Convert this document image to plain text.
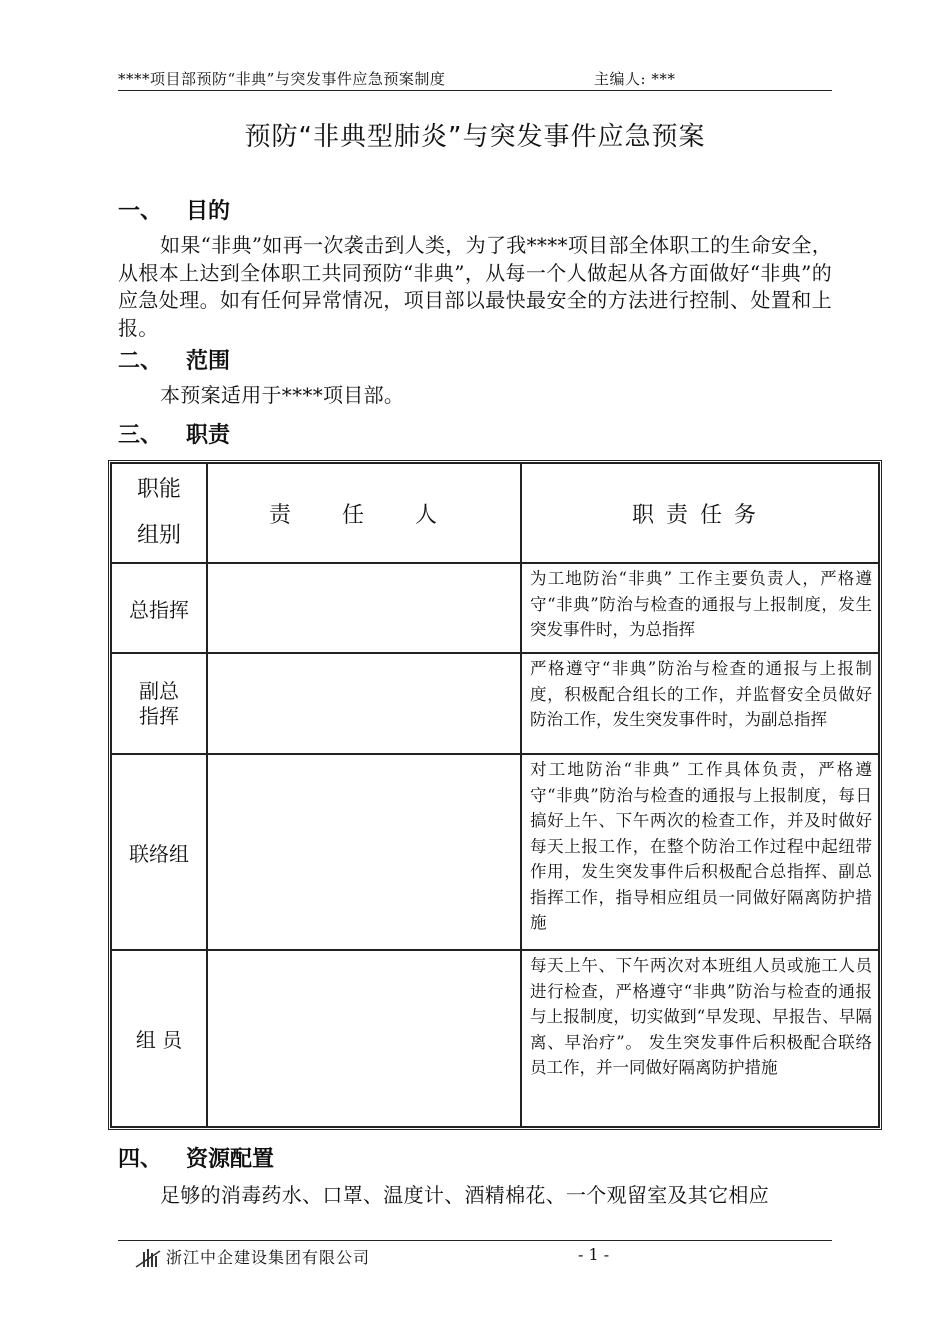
****项目部预防“非典”与突发事件应急预案制度	主编人: ***
预防“非典型肺炎”与突发事件应急预案
一、 目的
如果“非典”如再一次袭击到人类，为了我****项目部全体职工的生命安全，从根本上达到全体职工共同预防“非典”，从每一个人做起从各方面做好“非典”的应急处理。如有任何异常情况，项目部以最快最安全的方法进行控制、处置和上报。
二、 范围
本预案适用于****项目部。
三、 职责
职能
组别	责 任 人	职责任务
总指挥		为工地防治“非典” 工作主要负责人，严格遵守“非典”防治与检查的通报与上报制度，发生突发事件时，为总指挥
副总
指挥		严格遵守“非典”防治与检查的通报与上报制度，积极配合组长的工作，并监督安全员做好防治工作，发生突发事件时，为副总指挥
联络组		对工地防治“非典” 工作具体负责，严格遵守“非典”防治与检查的通报与上报制度，每日搞好上午、下午两次的检查工作，并及时做好每天上报工作，在整个防治工作过程中起纽带作用，发生突发事件后积极配合总指挥、副总指挥工作，指导相应组员一同做好隔离防护措施
组 员		每天上午、下午两次对本班组人员或施工人员进行检查，严格遵守“非典”防治与检查的通报与上报制度，切实做到“早发现、早报告、早隔离、早治疗”。 发生突发事件后积极配合联络员工作，并一同做好隔离防护措施
四、 资源配置
足够的消毒药水、口罩、温度计、酒精棉花、一个观留室及其它相应
浙江中企建设集团有限公司	- 1 -
